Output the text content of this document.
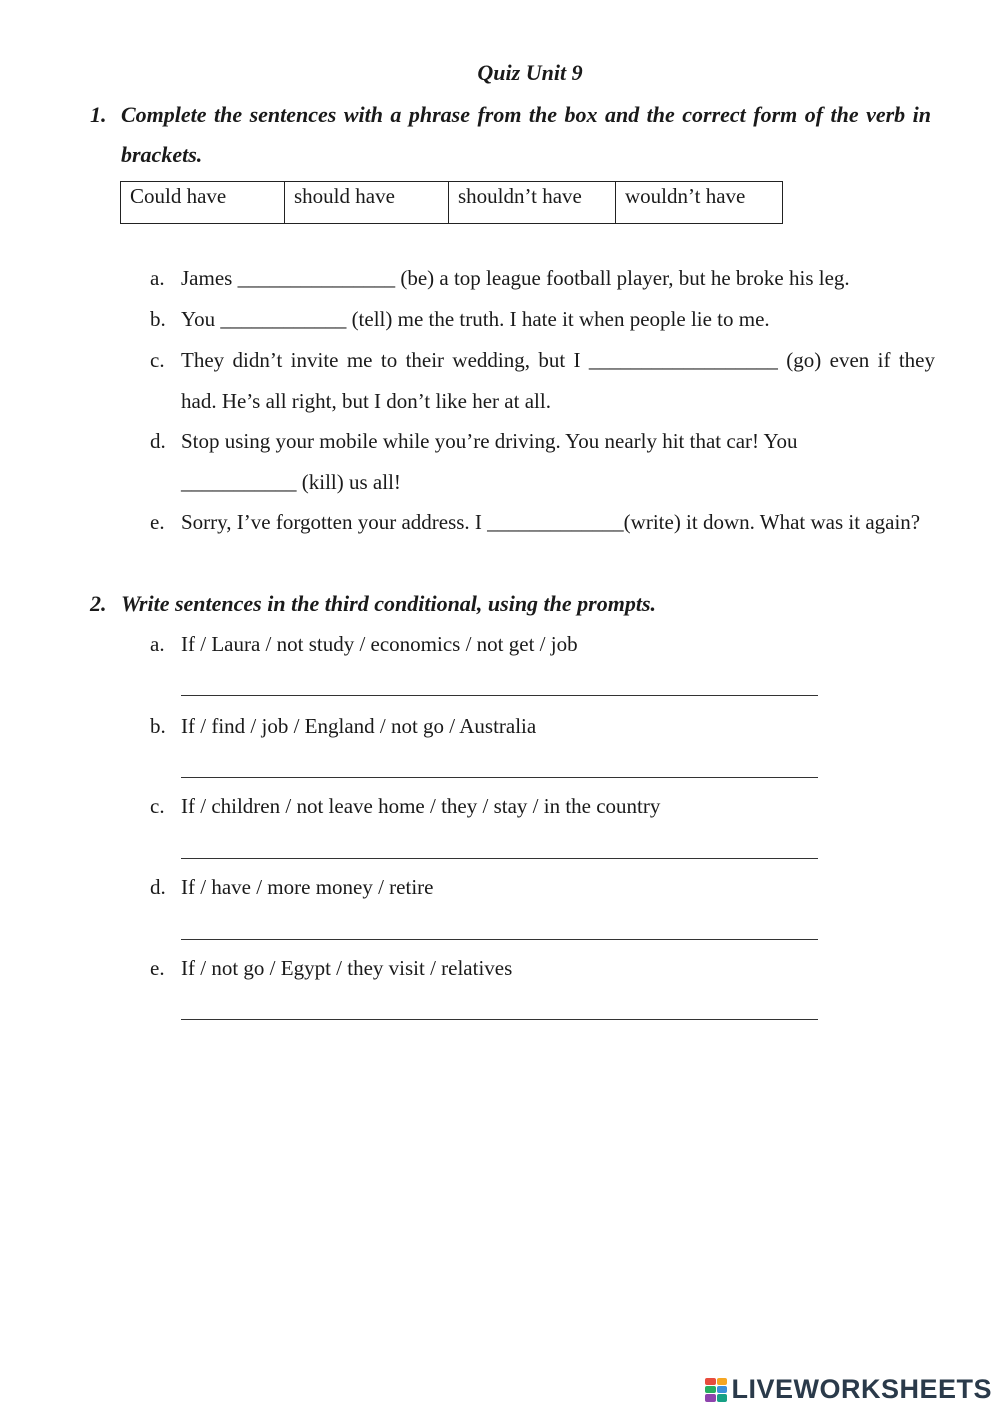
Quiz Unit 9
1. Complete the sentences with a phrase from the box and the correct form of the verb in brackets.
Could have	should have	shouldn’t have	wouldn’t have
a. James _______________ (be) a top league football player, but he broke his leg.
b. You ____________ (tell) me the truth. I hate it when people lie to me.
c. They didn’t invite me to their wedding, but I __________________ (go) even if they had. He’s all right, but I don’t like her at all.
d. Stop using your mobile while you’re driving. You nearly hit that car! You ___________ (kill) us all!
e. Sorry, I’ve forgotten your address. I _____________(write) it down. What was it again?
2. Write sentences in the third conditional, using the prompts.
a. If / Laura / not study / economics / not get / job
b. If / find / job / England / not go / Australia
c. If / children / not leave home / they / stay / in the country
d. If / have / more money / retire
e. If / not go / Egypt / they visit / relatives
LIVEWORKSHEETS
